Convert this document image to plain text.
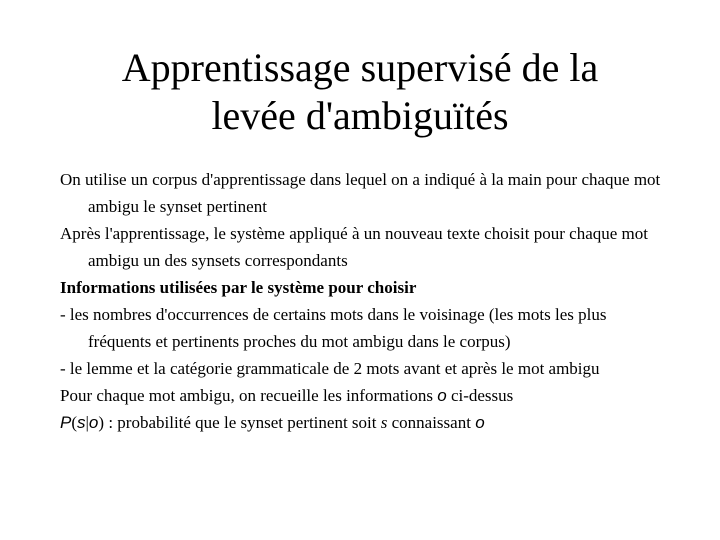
Apprentissage supervisé de la
levée d'ambiguïtés
On utilise un corpus d'apprentissage dans lequel on a indiqué à la main pour chaque mot ambigu le synset pertinent
Après l'apprentissage, le système appliqué à un nouveau texte choisit pour chaque mot ambigu un des synsets correspondants
Informations utilisées par le système pour choisir
- les nombres d'occurrences de certains mots dans le voisinage (les mots les plus fréquents et pertinents proches du mot ambigu dans le corpus)
- le lemme et la catégorie grammaticale de 2 mots avant et après le mot ambigu
Pour chaque mot ambigu, on recueille les informations o ci-dessus
P(s|o) : probabilité que le synset pertinent soit s connaissant o
